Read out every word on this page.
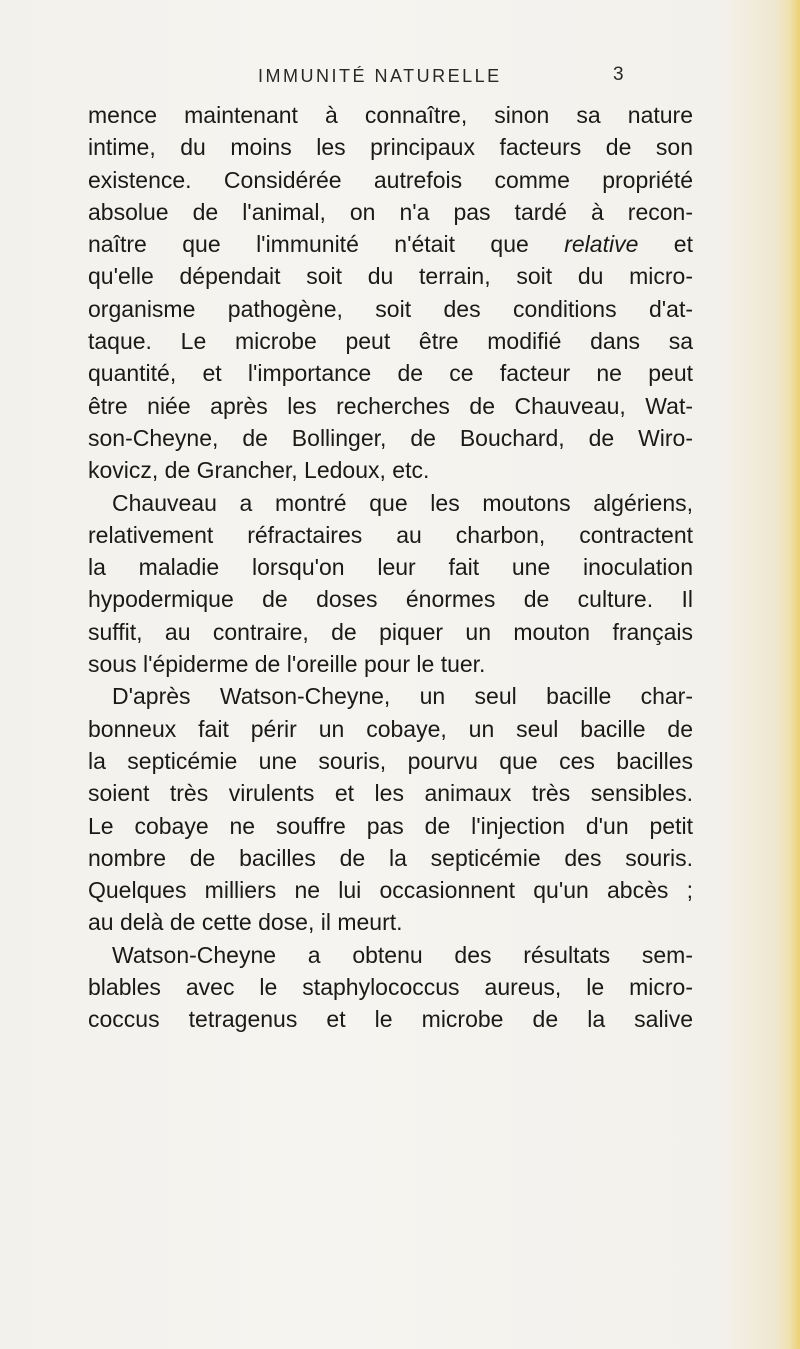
IMMUNITÉ NATURELLE	3
mence maintenant à connaître, sinon sa nature
intime, du moins les principaux facteurs de son
existence. Considérée autrefois comme propriété
absolue de l'animal, on n'a pas tardé à recon-
naître que l'immunité n'était que relative et
qu'elle dépendait soit du terrain, soit du micro-
organisme pathogène, soit des conditions d'at-
taque. Le microbe peut être modifié dans sa
quantité, et l'importance de ce facteur ne peut
être niée après les recherches de Chauveau, Wat-
son-Cheyne, de Bollinger, de Bouchard, de Wiro-
kovicz, de Grancher, Ledoux, etc.
Chauveau a montré que les moutons algériens,
relativement réfractaires au charbon, contractent
la maladie lorsqu'on leur fait une inoculation
hypodermique de doses énormes de culture. Il
suffit, au contraire, de piquer un mouton français
sous l'épiderme de l'oreille pour le tuer.
D'après Watson-Cheyne, un seul bacille char-
bonneux fait périr un cobaye, un seul bacille de
la septicémie une souris, pourvu que ces bacilles
soient très virulents et les animaux très sensibles.
Le cobaye ne souffre pas de l'injection d'un petit
nombre de bacilles de la septicémie des souris.
Quelques milliers ne lui occasionnent qu'un abcès ;
au delà de cette dose, il meurt.
Watson-Cheyne a obtenu des résultats sem-
blables avec le staphylococcus aureus, le micro-
coccus tetragenus et le microbe de la salive
